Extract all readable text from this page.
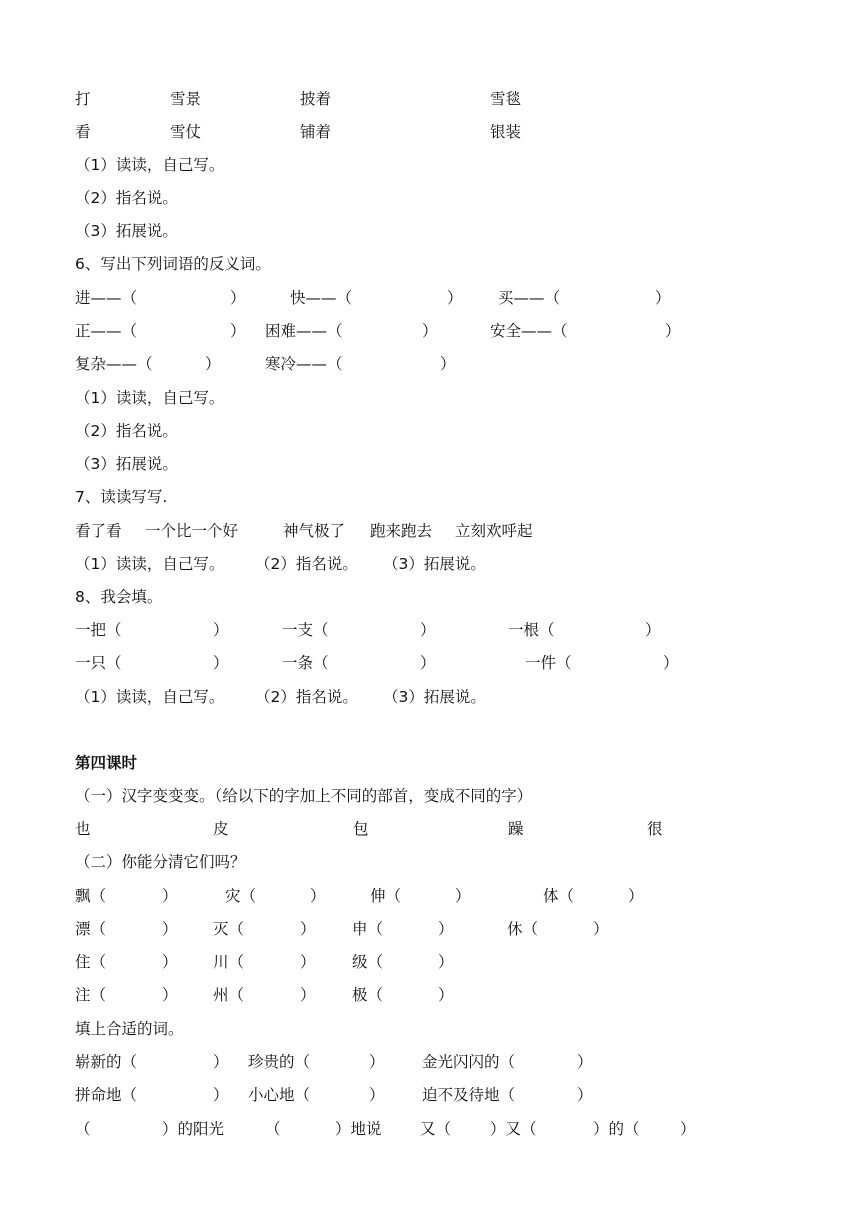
打	雪景	披着	雪毯
看	雪仗	铺着	银装
（1）读读，自己写。
（2）指名说。
（3）拓展说。
6、写出下列词语的反义词。
进——（	）	快——（	） 买——（	）
正——（	） 困难——（	）	安全——（	）
复杂——（	）	寒冷——（	）
（1）读读，自己写。
（2）指名说。
（3）拓展说。
7、读读写写.
看了看 一个比一个好	神气极了 跑来跑去 立刻欢呼起
（1）读读，自己写。 （2）指名说。 （3）拓展说。
8、我会填。
一把（	）	一支（	）	一根（	）
一只（	）	一条（	）	一件（	）
（1）读读，自己写。 （2）指名说。 （3）拓展说。
第四课时
（一）汉字变变变。（给以下的字加上不同的部首，变成不同的字）
也	皮	包	躁	很
（二）你能分清它们吗？
飘（	）	灾（	）	伸（	）	体（	）
漂（	） 灭（	） 申（	）	休（	）
住（	） 川（	） 级（	）
注（	） 州（	） 极（	）
填上合适的词。
崭新的（	） 珍贵的（	） 金光闪闪的（	）
拼命地（	） 小心地（	） 迫不及待地（	）
（	）的阳光	（	）地说 又（	）又（	）的（	）
